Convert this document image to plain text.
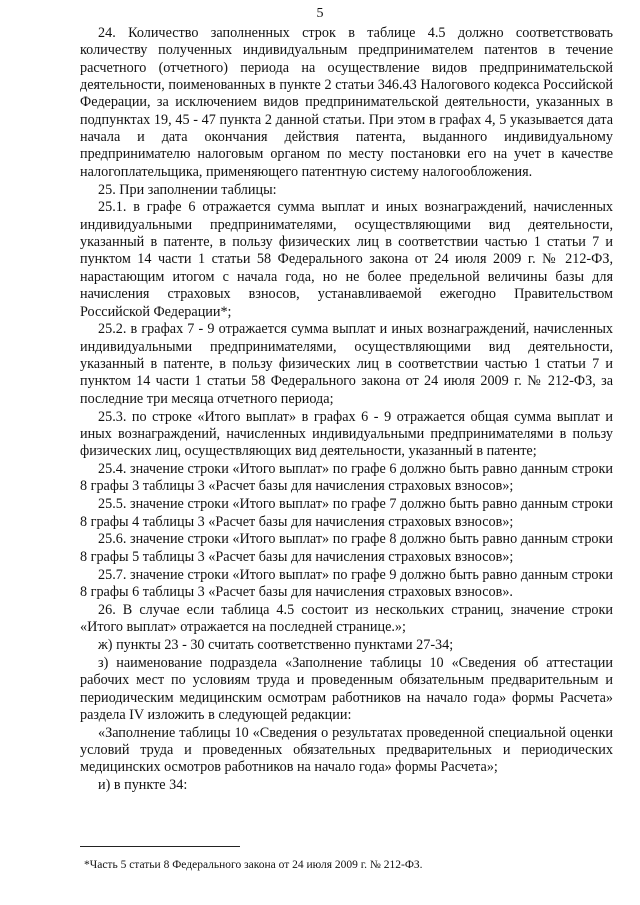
5

24. Количество заполненных строк в таблице 4.5 должно соответствовать количеству полученных индивидуальным предпринимателем патентов в течение расчетного (отчетного) периода на осуществление видов предпринимательской деятельности, поименованных в пункте 2 статьи 346.43 Налогового кодекса Российской Федерации, за исключением видов предпринимательской деятельности, указанных в подпунктах 19, 45 - 47 пункта 2 данной статьи. При этом в графах 4, 5 указывается дата начала и дата окончания действия патента, выданного индивидуальному предпринимателю налоговым органом по месту постановки его на учет в качестве налогоплательщика, применяющего патентную систему налогообложения.

25. При заполнении таблицы:

25.1. в графе 6 отражается сумма выплат и иных вознаграждений, начисленных индивидуальными предпринимателями, осуществляющими вид деятельности, указанный в патенте, в пользу физических лиц в соответствии частью 1 статьи 7 и пунктом 14 части 1 статьи 58 Федерального закона от 24 июля 2009 г. № 212-ФЗ, нарастающим итогом с начала года, но не более предельной величины базы для начисления страховых взносов, устанавливаемой ежегодно Правительством Российской Федерации*;

25.2. в графах 7 - 9 отражается сумма выплат и иных вознаграждений, начисленных индивидуальными предпринимателями, осуществляющими вид деятельности, указанный в патенте, в пользу физических лиц в соответствии частью 1 статьи 7 и пунктом 14 части 1 статьи 58 Федерального закона от 24 июля 2009 г. № 212-ФЗ, за последние три месяца отчетного периода;

25.3. по строке «Итого выплат» в графах 6 - 9 отражается общая сумма выплат и иных вознаграждений, начисленных индивидуальными предпринимателями в пользу физических лиц, осуществляющих вид деятельности, указанный в патенте;

25.4. значение строки «Итого выплат» по графе 6 должно быть равно данным строки 8 графы 3 таблицы 3 «Расчет базы для начисления страховых взносов»;

25.5. значение строки «Итого выплат» по графе 7 должно быть равно данным строки 8 графы 4 таблицы 3 «Расчет базы для начисления страховых взносов»;

25.6. значение строки «Итого выплат» по графе 8 должно быть равно данным строки 8 графы 5 таблицы 3 «Расчет базы для начисления страховых взносов»;

25.7. значение строки «Итого выплат» по графе 9 должно быть равно данным строки 8 графы 6 таблицы 3 «Расчет базы для начисления страховых взносов».

26. В случае если таблица 4.5 состоит из нескольких страниц, значение строки «Итого выплат» отражается на последней странице.»;

ж) пункты 23 - 30 считать соответственно пунктами 27-34;

з) наименование подраздела «Заполнение таблицы 10 «Сведения об аттестации рабочих мест по условиям труда и проведенным обязательным предварительным и периодическим медицинским осмотрам работников на начало года» формы Расчета» раздела IV изложить в следующей редакции:

«Заполнение таблицы 10 «Сведения о результатах проведенной специальной оценки условий труда и проведенных обязательных предварительных и периодических медицинских осмотров работников на начало года» формы Расчета»;

и) в пункте 34:

*Часть 5 статьи 8 Федерального закона от 24 июля 2009 г. № 212-ФЗ.
